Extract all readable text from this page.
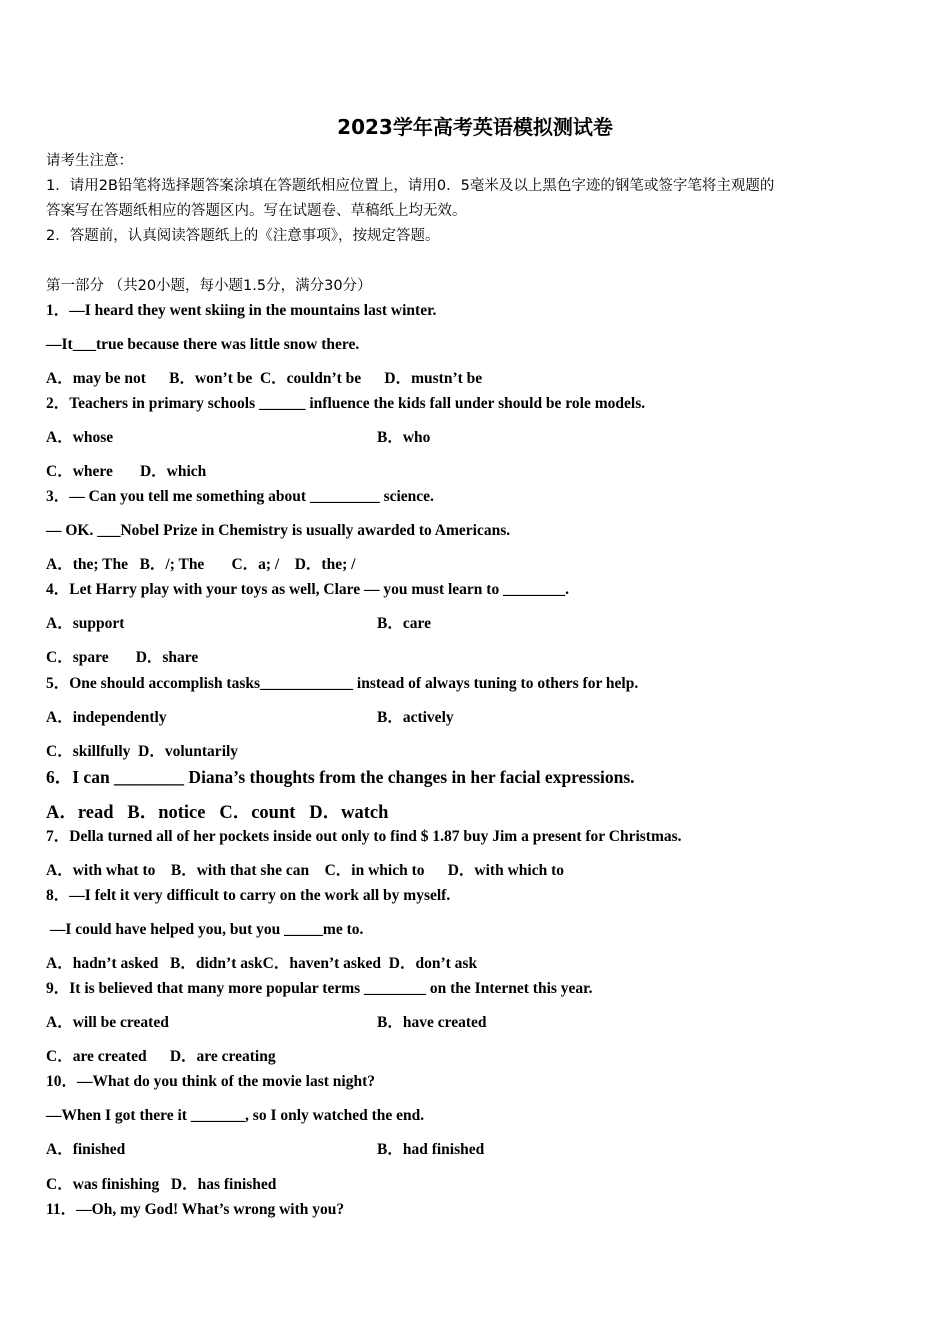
2023学年高考英语模拟测试卷
请考生注意：
1．请用2B铅笔将选择题答案涂填在答题纸相应位置上，请用0．5毫米及以上黑色字迹的钢笔或签字笔将主观题的
答案写在答题纸相应的答题区内。写在试题卷、草稿纸上均无效。
2．答题前，认真阅读答题纸上的《注意事项》，按规定答题。
第一部分 （共20小题，每小题1.5分，满分30分）
1．—I heard they went skiing in the mountains last winter.
—It___true because there was little snow there.
A．may be not      B．won’t be  C．couldn’t be      D．mustn’t be
2．Teachers in primary schools ______ influence the kids fall under should be role models.
A．whose	B．who
C．where       D．which
3．— Can you tell me something about _________ science.
— OK. ___Nobel Prize in Chemistry is usually awarded to Americans.
A．the; The   B．/; The       C．a; /    D．the; /
4．Let Harry play with your toys as well, Clare — you must learn to ________.
A．support	B．care
C．spare       D．share
5．One should accomplish tasks____________ instead of always tuning to others for help.
A．independently	B．actively
C．skillfully  D．voluntarily
6．I can ________ Diana’s thoughts from the changes in her facial expressions.
A．read   B．notice   C．count   D．watch
7．Della turned all of her pockets inside out only to find $ 1.87 buy Jim a present for Christmas.
A．with what to    B．with that she can    C．in which to      D．with which to
8．—I felt it very difficult to carry on the work all by myself.
—I could have helped you, but you _____me to.
A．hadn’t asked   B．didn’t askC．haven’t asked  D．don’t ask
9．It is believed that many more popular terms ________ on the Internet this year.
A．will be created	B．have created
C．are created      D．are creating
10．—What do you think of the movie last night?
—When I got there it _______, so I only watched the end.
A．finished	B．had finished
C．was finishing   D．has finished
11．—Oh, my God! What’s wrong with you?
